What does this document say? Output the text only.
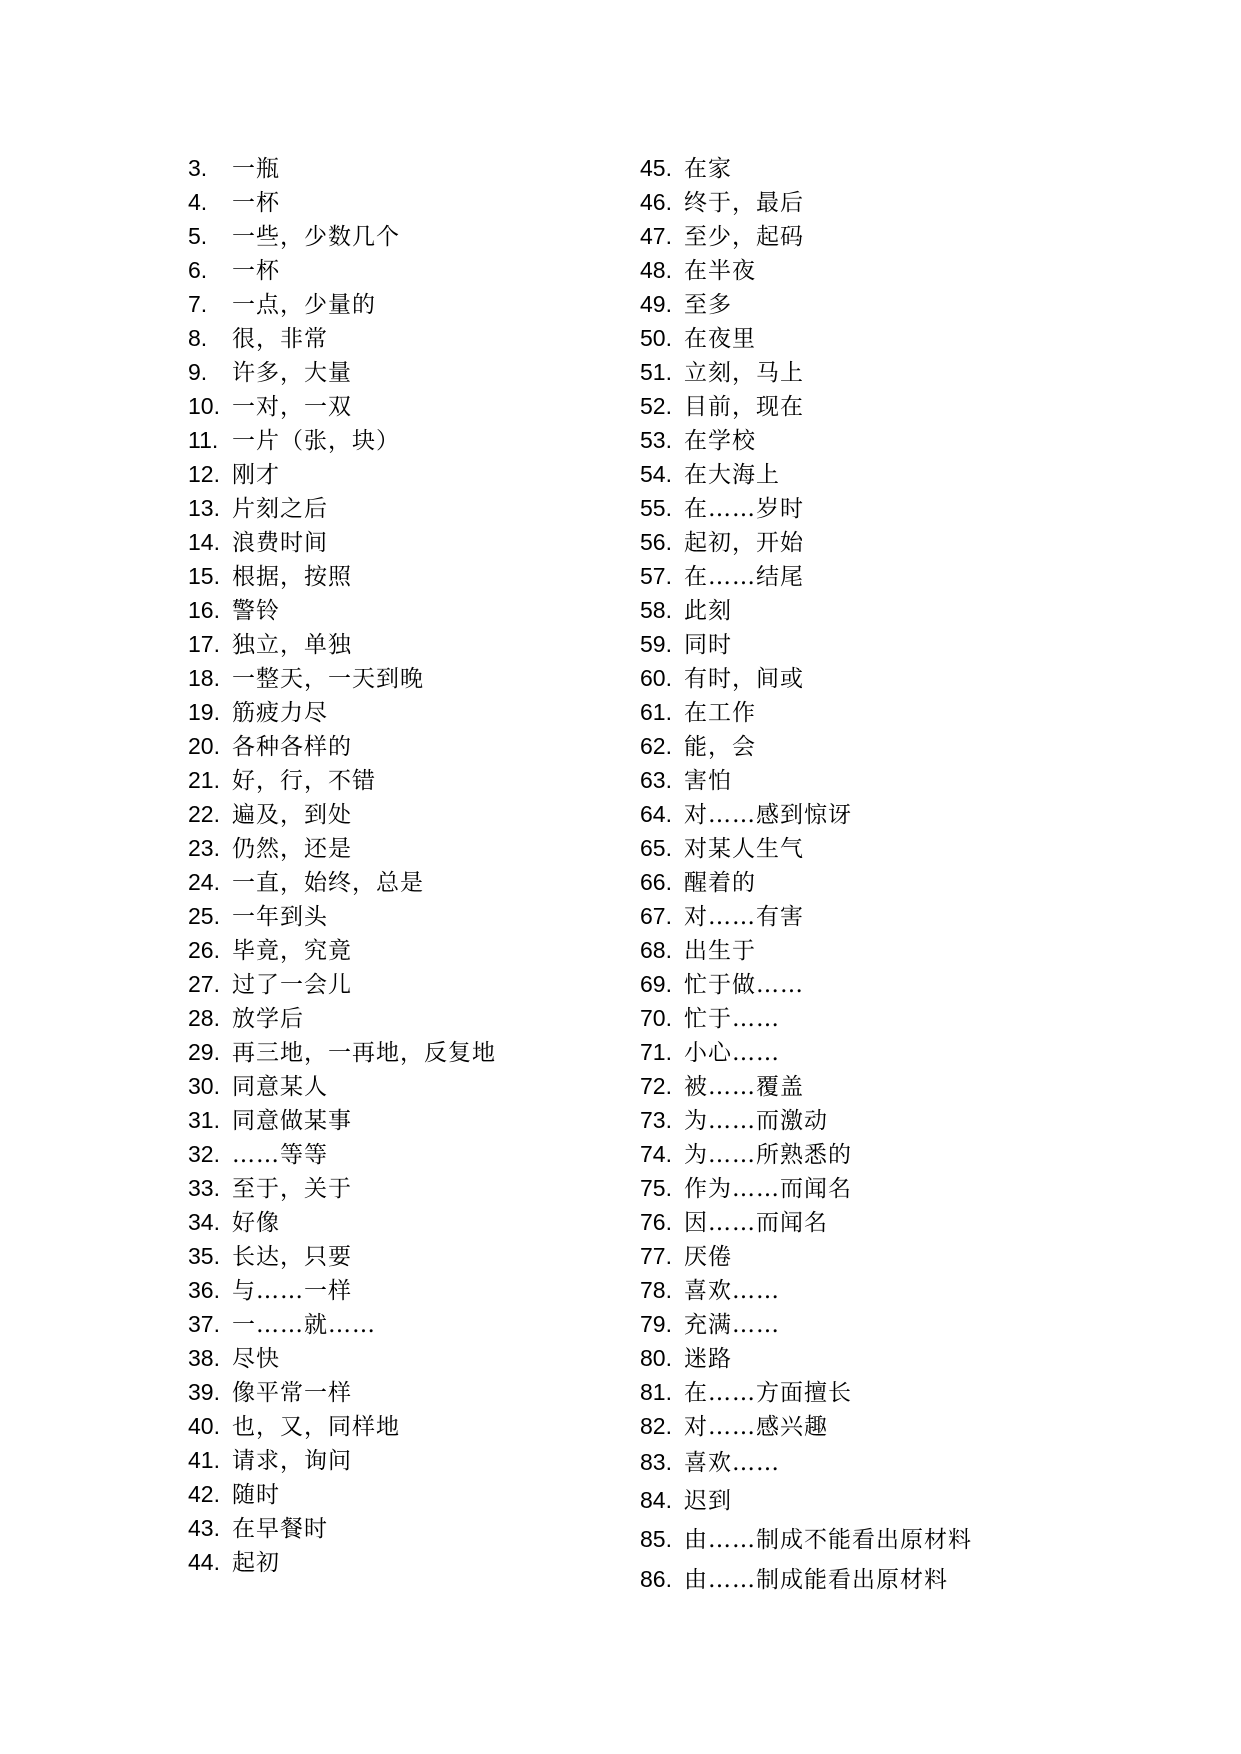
3. 一瓶
4. 一杯
5. 一些，少数几个
6. 一杯
7. 一点，少量的
8. 很，非常
9. 许多，大量
10. 一对，一双
11. 一片（张，块）
12. 刚才
13. 片刻之后
14. 浪费时间
15. 根据，按照
16. 警铃
17. 独立，单独
18. 一整天，一天到晚
19. 筋疲力尽
20. 各种各样的
21. 好，行，不错
22. 遍及，到处
23. 仍然，还是
24. 一直，始终，总是
25. 一年到头
26. 毕竟，究竟
27. 过了一会儿
28. 放学后
29. 再三地，一再地，反复地
30. 同意某人
31. 同意做某事
32. ……等等
33. 至于，关于
34. 好像
35. 长达，只要
36. 与……一样
37. 一……就……
38. 尽快
39. 像平常一样
40. 也，又，同样地
41. 请求，询问
42. 随时
43. 在早餐时
44. 起初
45. 在家
46. 终于，最后
47. 至少，起码
48. 在半夜
49. 至多
50. 在夜里
51. 立刻，马上
52. 目前，现在
53. 在学校
54. 在大海上
55. 在……岁时
56. 起初，开始
57. 在……结尾
58. 此刻
59. 同时
60. 有时，间或
61. 在工作
62. 能，会
63. 害怕
64. 对……感到惊讶
65. 对某人生气
66. 醒着的
67. 对……有害
68. 出生于
69. 忙于做……
70. 忙于……
71. 小心……
72. 被……覆盖
73. 为……而激动
74. 为……所熟悉的
75. 作为……而闻名
76. 因……而闻名
77. 厌倦
78. 喜欢……
79. 充满……
80. 迷路
81. 在……方面擅长
82. 对……感兴趣
83. 喜欢……
84. 迟到
85. 由……制成不能看出原材料
86. 由……制成能看出原材料
